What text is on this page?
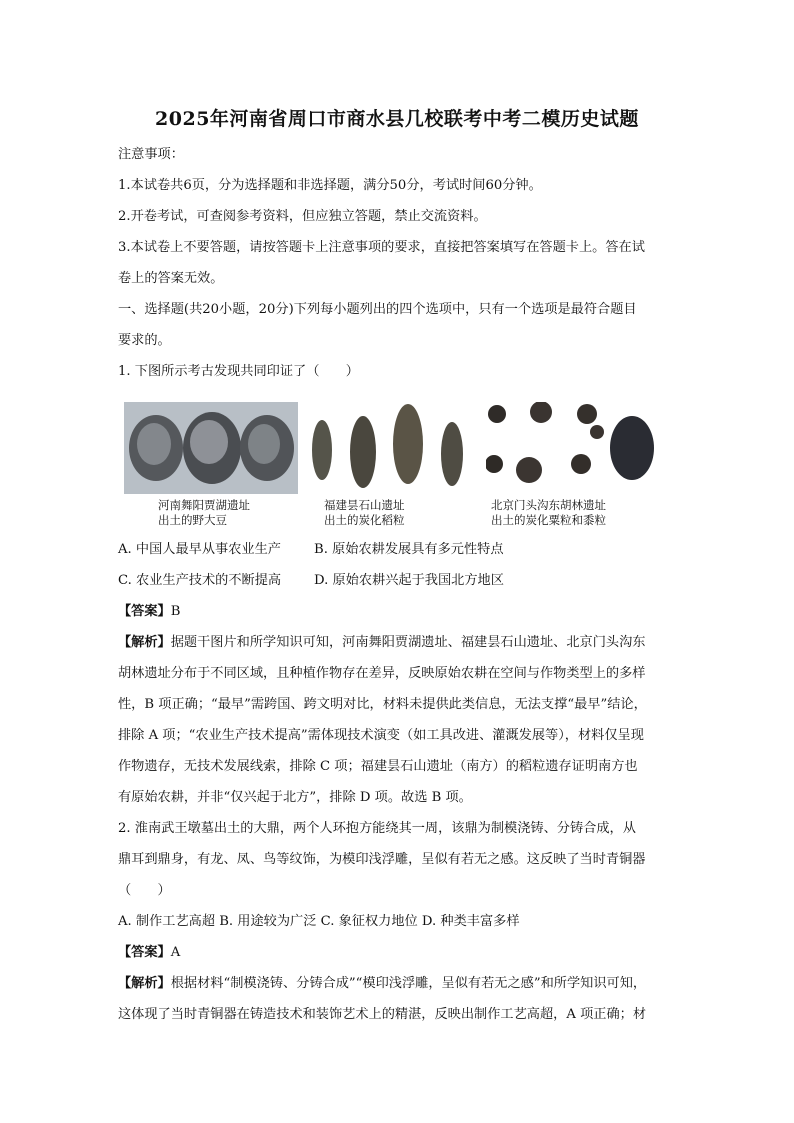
2025年河南省周口市商水县几校联考中考二模历史试题
注意事项：
1.本试卷共6页，分为选择题和非选择题，满分50分，考试时间60分钟。
2.开卷考试，可查阅参考资料，但应独立答题，禁止交流资料。
3.本试卷上不要答题，请按答题卡上注意事项的要求，直接把答案填写在答题卡上。答在试
卷上的答案无效。
一、选择题(共20小题，20分)下列每小题列出的四个选项中，只有一个选项是最符合题目
要求的。
1. 下图所示考古发现共同印证了（　　）
河南舞阳贾湖遗址
出土的野大豆
福建昙石山遗址
出土的炭化稻粒
北京门头沟东胡林遗址
出土的炭化粟粒和黍粒
A. 中国人最早从事农业生产	B. 原始农耕发展具有多元性特点
C. 农业生产技术的不断提高 D. 原始农耕兴起于我国北方地区
【答案】B
【解析】据题干图片和所学知识可知，河南舞阳贾湖遗址、福建昙石山遗址、北京门头沟东
胡林遗址分布于不同区域，且种植作物存在差异，反映原始农耕在空间与作物类型上的多样
性，B 项正确；“最早”需跨国、跨文明对比，材料未提供此类信息，无法支撑“最早”结论，
排除 A 项；“农业生产技术提高”需体现技术演变（如工具改进、灌溉发展等），材料仅呈现
作物遗存，无技术发展线索，排除 C 项；福建昙石山遗址（南方）的稻粒遗存证明南方也
有原始农耕，并非“仅兴起于北方”，排除 D 项。故选 B 项。
2. 淮南武王墩墓出土的大鼎，两个人环抱方能绕其一周，该鼎为制模浇铸、分铸合成，从
鼎耳到鼎身，有龙、凤、鸟等纹饰，为模印浅浮雕，呈似有若无之感。这反映了当时青铜器
（　　）
A. 制作工艺高超 B. 用途较为广泛 C. 象征权力地位 D. 种类丰富多样
【答案】A
【解析】根据材料“制模浇铸、分铸合成”“模印浅浮雕，呈似有若无之感”和所学知识可知，
这体现了当时青铜器在铸造技术和装饰艺术上的精湛，反映出制作工艺高超，A 项正确；材
